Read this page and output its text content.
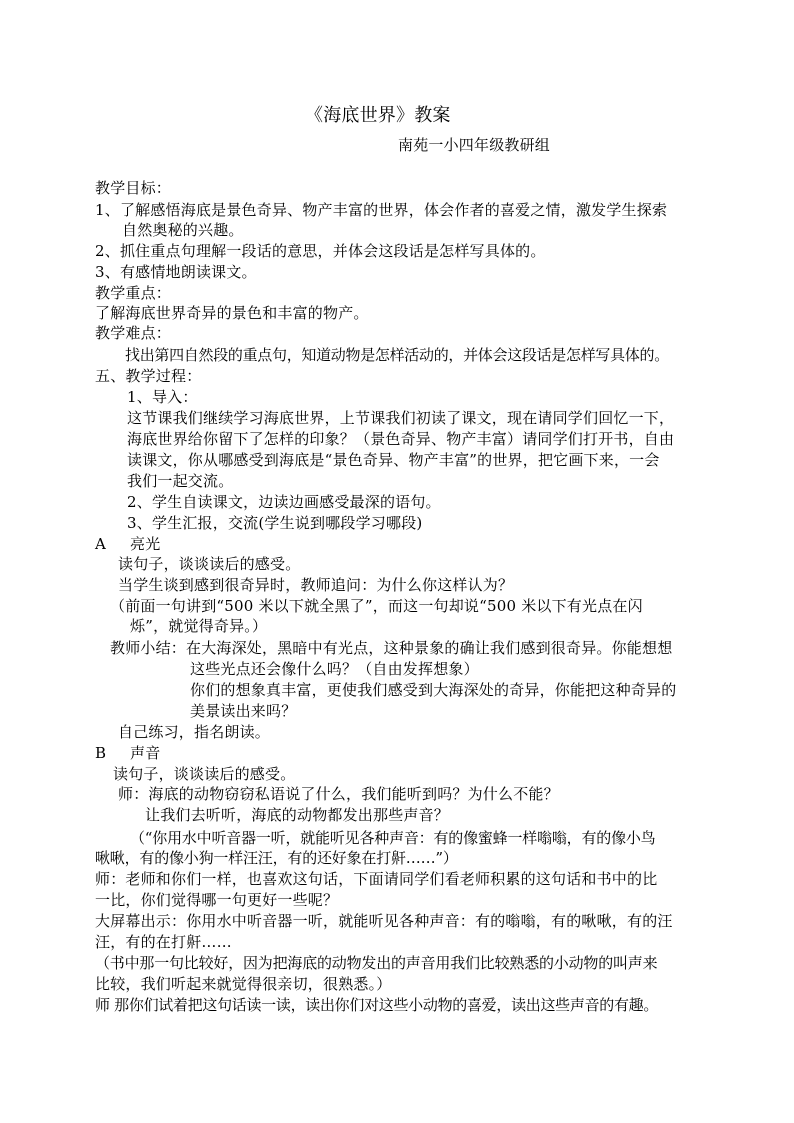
《海底世界》教案
南苑一小四年级教研组
教学目标：
1、了解感悟海底是景色奇异、物产丰富的世界，体会作者的喜爱之情，激发学生探索
自然奥秘的兴趣。
2、抓住重点句理解一段话的意思，并体会这段话是怎样写具体的。
3、有感情地朗读课文。
教学重点：
了解海底世界奇异的景色和丰富的物产。
教学难点：
找出第四自然段的重点句，知道动物是怎样活动的，并体会这段话是怎样写具体的。
五、教学过程：
1、导入：
这节课我们继续学习海底世界，上节课我们初读了课文，现在请同学们回忆一下，
海底世界给你留下了怎样的印象？（景色奇异、物产丰富）请同学们打开书，自由
读课文，你从哪感受到海底是“景色奇异、物产丰富”的世界，把它画下来，一会
我们一起交流。
2、学生自读课文，边读边画感受最深的语句。
3、学生汇报，交流(学生说到哪段学习哪段)
A 亮光
读句子，谈谈读后的感受。
当学生谈到感到很奇异时，教师追问：为什么你这样认为？
（前面一句讲到“500 米以下就全黑了”，而这一句却说“500 米以下有光点在闪
烁”，就觉得奇异。）
教师小结：在大海深处，黑暗中有光点，这种景象的确让我们感到很奇异。你能想想
这些光点还会像什么吗？（自由发挥想象）
你们的想象真丰富，更使我们感受到大海深处的奇异，你能把这种奇异的
美景读出来吗？
自己练习，指名朗读。
B 声音
读句子，谈谈读后的感受。
师：海底的动物窃窃私语说了什么，我们能听到吗？为什么不能？
让我们去听听，海底的动物都发出那些声音？
（“你用水中听音器一听，就能听见各种声音：有的像蜜蜂一样嗡嗡，有的像小鸟
啾啾，有的像小狗一样汪汪，有的还好象在打鼾……”）
师：老师和你们一样，也喜欢这句话，下面请同学们看老师积累的这句话和书中的比
一比，你们觉得哪一句更好一些呢？
大屏幕出示：你用水中听音器一听，就能听见各种声音：有的嗡嗡，有的啾啾，有的汪
汪，有的在打鼾……
（书中那一句比较好，因为把海底的动物发出的声音用我们比较熟悉的小动物的叫声来
比较，我们听起来就觉得很亲切，很熟悉。）
师 那你们试着把这句话读一读，读出你们对这些小动物的喜爱，读出这些声音的有趣。
